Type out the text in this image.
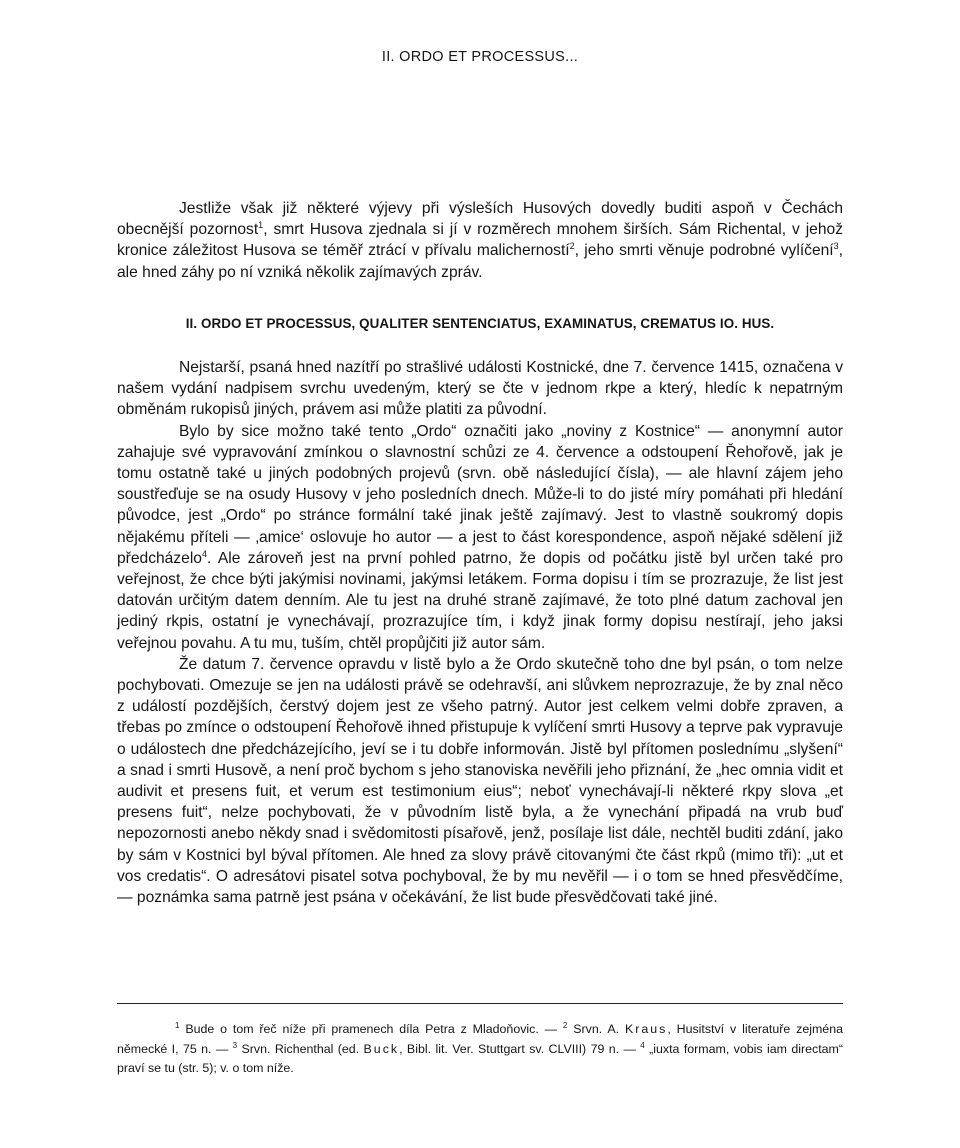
II. ORDO ET PROCESSUS...

Jestliže však již některé výjevy při výsleších Husových dovedly buditi aspoň v Čechách obecnější pozornost$^1$, smrt Husova zjednala si jí v rozměrech mnohem širších. Sám Richental, v jehož kronice záležitost Husova se téměř ztrácí v přívalu malicherností$^2$, jeho smrti věnuje podrobné vylíčení$^3$, ale hned záhy po ní vzniká několik zajímavých zpráv.

II. ORDO ET PROCESSUS, QUALITER SENTENCIATUS, EXAMINATUS, CREMATUS IO. HUS.

Nejstarší, psaná hned nazítří po strašlivé události Kostnické, dne 7. července 1415, označena v našem vydání nadpisem svrchu uvedeným, který se čte v jednom rkpe a který, hledíc k nepatrným obměnám rukopisů jiných, právem asi může platiti za původní.

Bylo by sice možno také tento „Ordo“ označiti jako „noviny z Kostnice“ — anonymní autor zahajuje své vypravování zmínkou o slavnostní schůzi ze 4. července a odstoupení Řehořově, jak je tomu ostatně také u jiných podobných projevů (srvn. obě následující čísla), — ale hlavní zájem jeho soustřeďuje se na osudy Husovy v jeho posledních dnech. Může-li to do jisté míry pomáhati při hledání původce, jest „Ordo“ po stránce formální také jinak ještě zajímavý. Jest to vlastně soukromý dopis nějakému příteli — ‚amice‘ oslovuje ho autor — a jest to část korespondence, aspoň nějaké sdělení již předcházelo$^4$. Ale zároveň jest na první pohled patrno, že dopis od počátku jistě byl určen také pro veřejnost, že chce býti jakýmisi novinami, jakýmsi letákem. Forma dopisu i tím se prozrazuje, že list jest datován určitým datem denním. Ale tu jest na druhé straně zajímavé, že toto plné datum zachoval jen jediný rkpis, ostatní je vynechávají, prozrazujíce tím, i když jinak formy dopisu nestírají, jeho jaksi veřejnou povahu. A tu mu, tuším, chtěl propůjčiti již autor sám.

Že datum 7. července opravdu v listě bylo a že Ordo skutečně toho dne byl psán, o tom nelze pochybovati. Omezuje se jen na události právě se odehravší, ani slůvkem neprozrazuje, že by znal něco z událostí pozdějších, čerstvý dojem jest ze všeho patrný. Autor jest celkem velmi dobře zpraven, a třebas po zmínce o odstoupení Řehořově ihned přistupuje k vylíčení smrti Husovy a teprve pak vypravuje o událostech dne předcházejícího, jeví se i tu dobře informován. Jistě byl přítomen poslednímu „slyšení“ a snad i smrti Husově, a není proč bychom s jeho stanoviska nevěřili jeho přiznání, že „hec omnia vidit et audivit et presens fuit, et verum est testimonium eius“; neboť vynechávají-li některé rkpy slova „et presens fuit“, nelze pochybovati, že v původním listě byla, a že vynechání připadá na vrub buď nepozornosti anebo někdy snad i svědomitosti písařově, jenž, posílaje list dále, nechtěl buditi zdání, jako by sám v Kostnici byl býval přítomen. Ale hned za slovy právě citovanými čte část rkpů (mimo tři): „ut et vos credatis“. O adresátovi pisatel sotva pochyboval, že by mu nevěřil — i o tom se hned přesvědčíme, — poznámka sama patrně jest psána v očekávání, že list bude přesvědčovati také jiné.

$^1$ Bude o tom řeč níže při pramenech díla Petra z Mladoňovic. — $^2$ Srvn. A. Kraus, Husitství v literatuře zejména německé I, 75 n. — $^3$ Srvn. Richenthal (ed. Buck, Bibl. lit. Ver. Stuttgart sv. CLVIII) 79 n. — $^4$ „iuxta formam, vobis iam directam“ praví se tu (str. 5); v. o tom níže.
